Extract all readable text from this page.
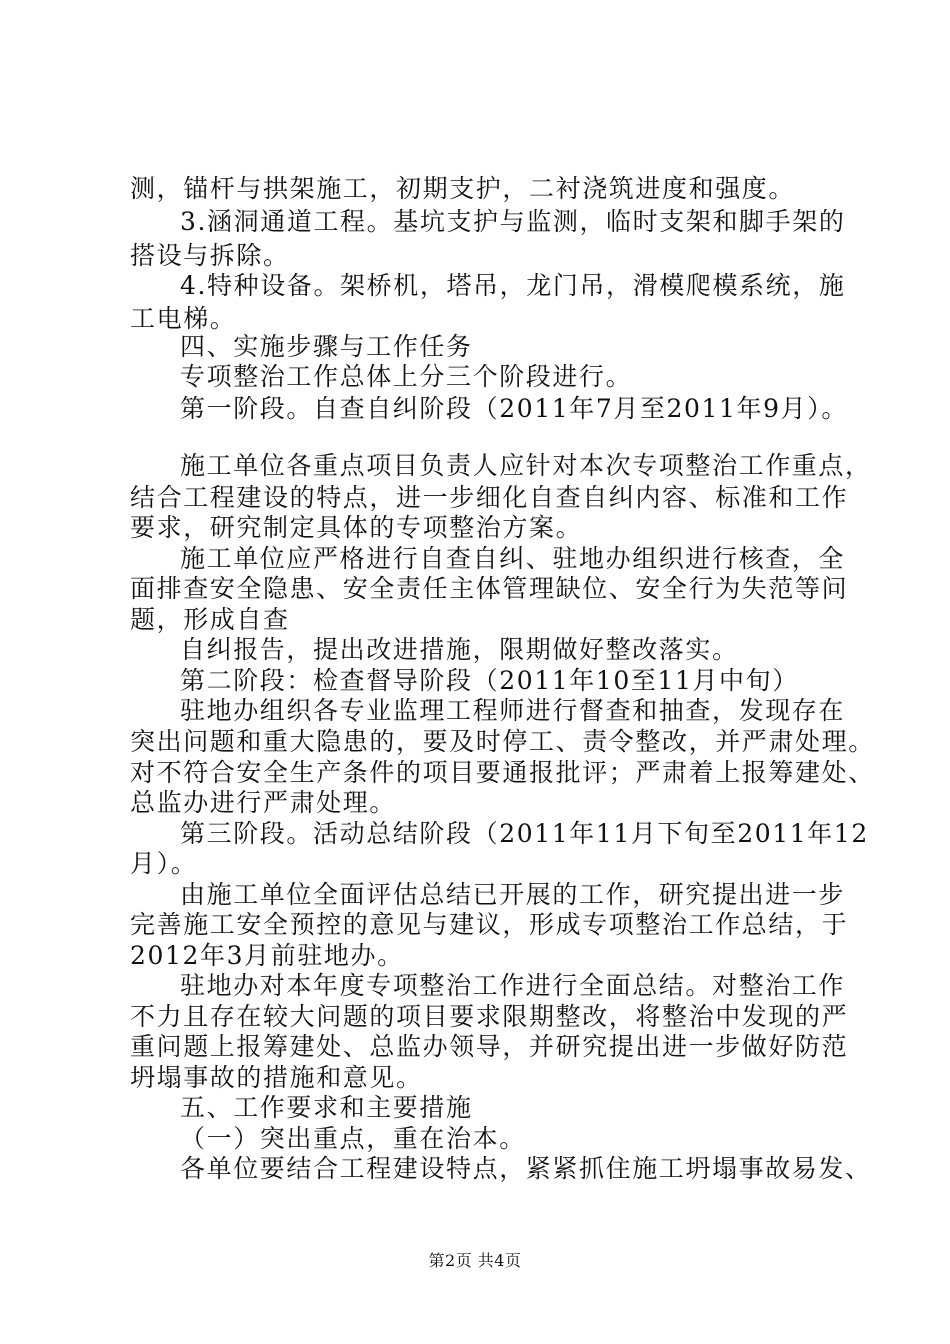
测，锚杆与拱架施工，初期支护，二衬浇筑进度和强度。
3.涵洞通道工程。基坑支护与监测，临时支架和脚手架的
搭设与拆除。
4.特种设备。架桥机，塔吊，龙门吊，滑模爬模系统，施
工电梯。
四、实施步骤与工作任务
专项整治工作总体上分三个阶段进行。
第一阶段。自查自纠阶段（2011年7月至2011年9月）。
施工单位各重点项目负责人应针对本次专项整治工作重点，
结合工程建设的特点，进一步细化自查自纠内容、标准和工作
要求，研究制定具体的专项整治方案。
施工单位应严格进行自查自纠、驻地办组织进行核查，全
面排查安全隐患、安全责任主体管理缺位、安全行为失范等问
题，形成自查
自纠报告，提出改进措施，限期做好整改落实。
第二阶段：检查督导阶段（2011年10至11月中旬）
驻地办组织各专业监理工程师进行督查和抽查，发现存在
突出问题和重大隐患的，要及时停工、责令整改，并严肃处理。
对不符合安全生产条件的项目要通报批评；严肃着上报筹建处、
总监办进行严肃处理。
第三阶段。活动总结阶段（2011年11月下旬至2011年12
月）。
由施工单位全面评估总结已开展的工作，研究提出进一步
完善施工安全预控的意见与建议，形成专项整治工作总结，于
2012年3月前驻地办。
驻地办对本年度专项整治工作进行全面总结。对整治工作
不力且存在较大问题的项目要求限期整改，将整治中发现的严
重问题上报筹建处、总监办领导，并研究提出进一步做好防范
坍塌事故的措施和意见。
五、工作要求和主要措施
（一）突出重点，重在治本。
各单位要结合工程建设特点，紧紧抓住施工坍塌事故易发、
第2页 共4页
